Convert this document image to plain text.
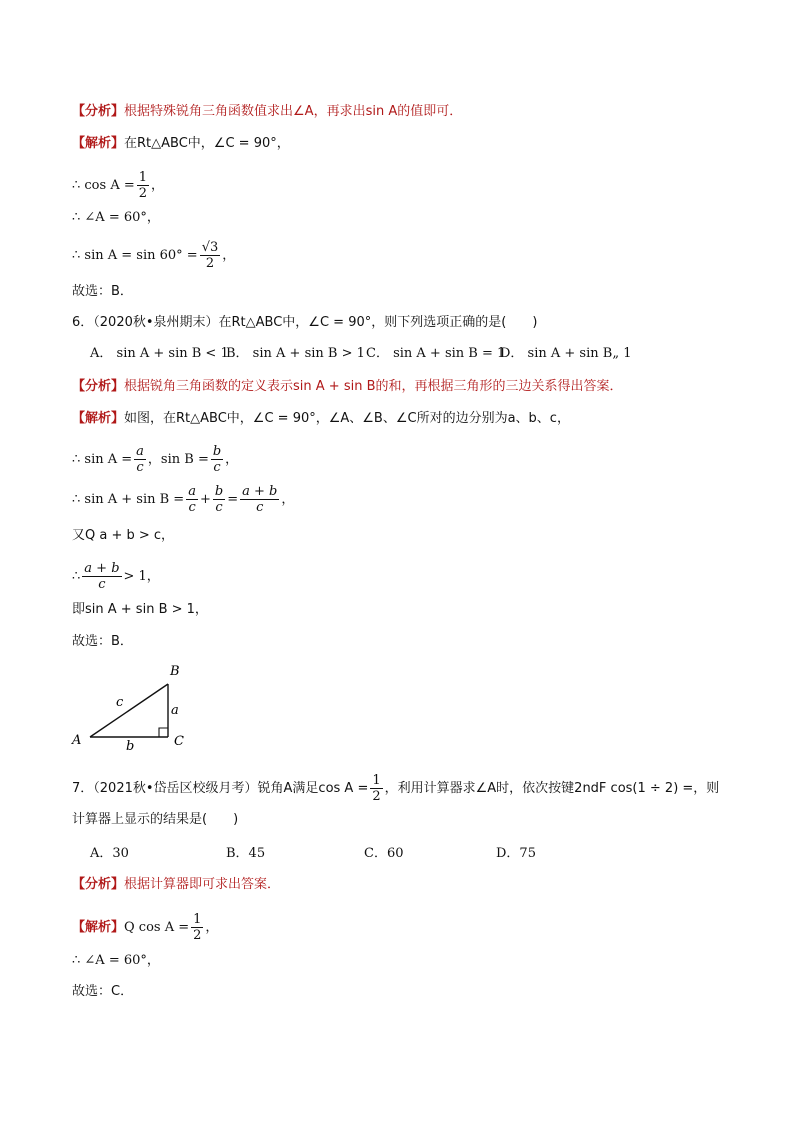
【分析】根据特殊锐角三角函数值求出∠A，再求出sin A的值即可．
【解析】在Rt△ABC中，∠C = 90°，
∴ $\cos A = \frac{1}{2}$ ，
∴ ∠A = 60°，
∴ $\sin A = \sin 60^\circ = \frac{√3}{2}$ ，
故选：B．
6．（2020秋•泉州期末）在Rt△ABC中，∠C = 90°，则下列选项正确的是(　　)
A． sin A + sin B < 1B． sin A + sin B > 1C． sin A + sin B = 1D． sin A + sin B„ 1
【分析】根据锐角三角函数的定义表示sin A + sin B的和，再根据三角形的三边关系得出答案．
【解析】如图，在Rt△ABC中，∠C = 90°，∠A、∠B、∠C所对的边分别为a、b、c，
∴ $\sin A = \frac{a}{c}$ ，$\sin B = \frac{b}{c}$ ，
∴ $\sin A + \sin B = \frac{a}{c} + \frac{b}{c} = \frac{a + b}{c}$ ，
又Q a + b > c，
∴ $\frac{a + b}{c} > 1$，
即sin A + sin B > 1，
故选：B．
A
B
C
a
b
c
7．（2021秋•岱岳区校级月考）锐角A满足$\cos A = \frac{1}{2}$ ，利用计算器求∠A时，依次按键2ndF cos(1 ÷ 2) =，则
计算器上显示的结果是(　　)
A．30	B．45	C．60	D．75
【分析】根据计算器即可求出答案．
【解析】Q $\cos A = \frac{1}{2}$ ，
∴ ∠A = 60°，
故选：C．
